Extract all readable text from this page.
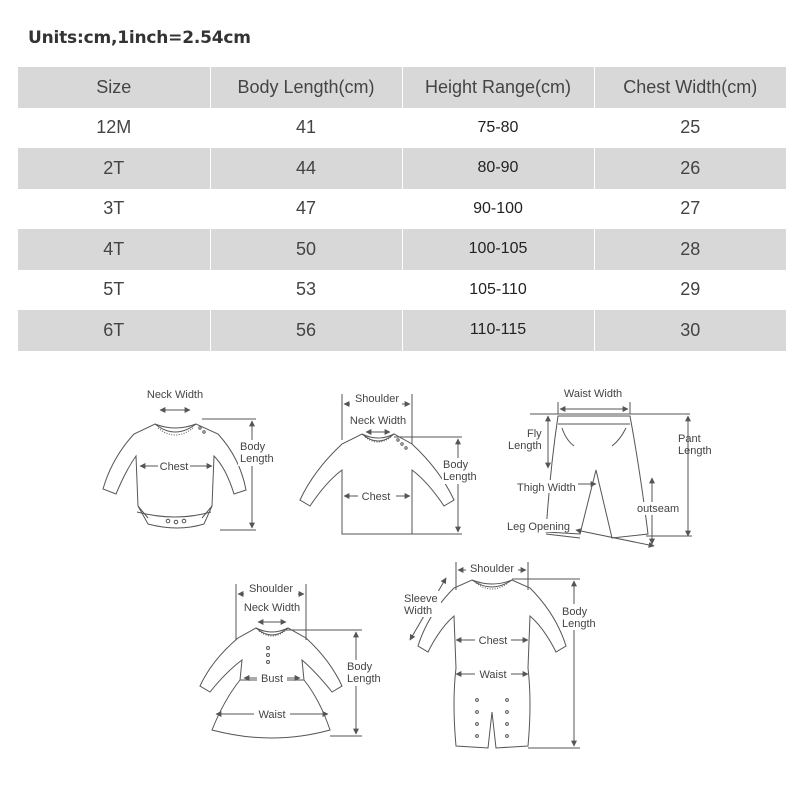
Units:cm,1inch=2.54cm
Size	Body Length(cm)	Height Range(cm)	Chest Width(cm)
12M	41	75-80	25
2T	44	80-90	26
3T	47	90-100	27
4T	50	100-105	28
5T	53	105-110	29
6T	56	110-115	30
Neck Width
Chest
Body
Length
Shoulder
Neck Width
Chest
Body
Length
Waist Width
Fly
Length
Pant
Length
Thigh Width
outseam
Leg Opening
Shoulder
Neck Width
Bust
Waist
Body
Length
Shoulder
Sleeve
Width
Chest
Waist
Body
Length
